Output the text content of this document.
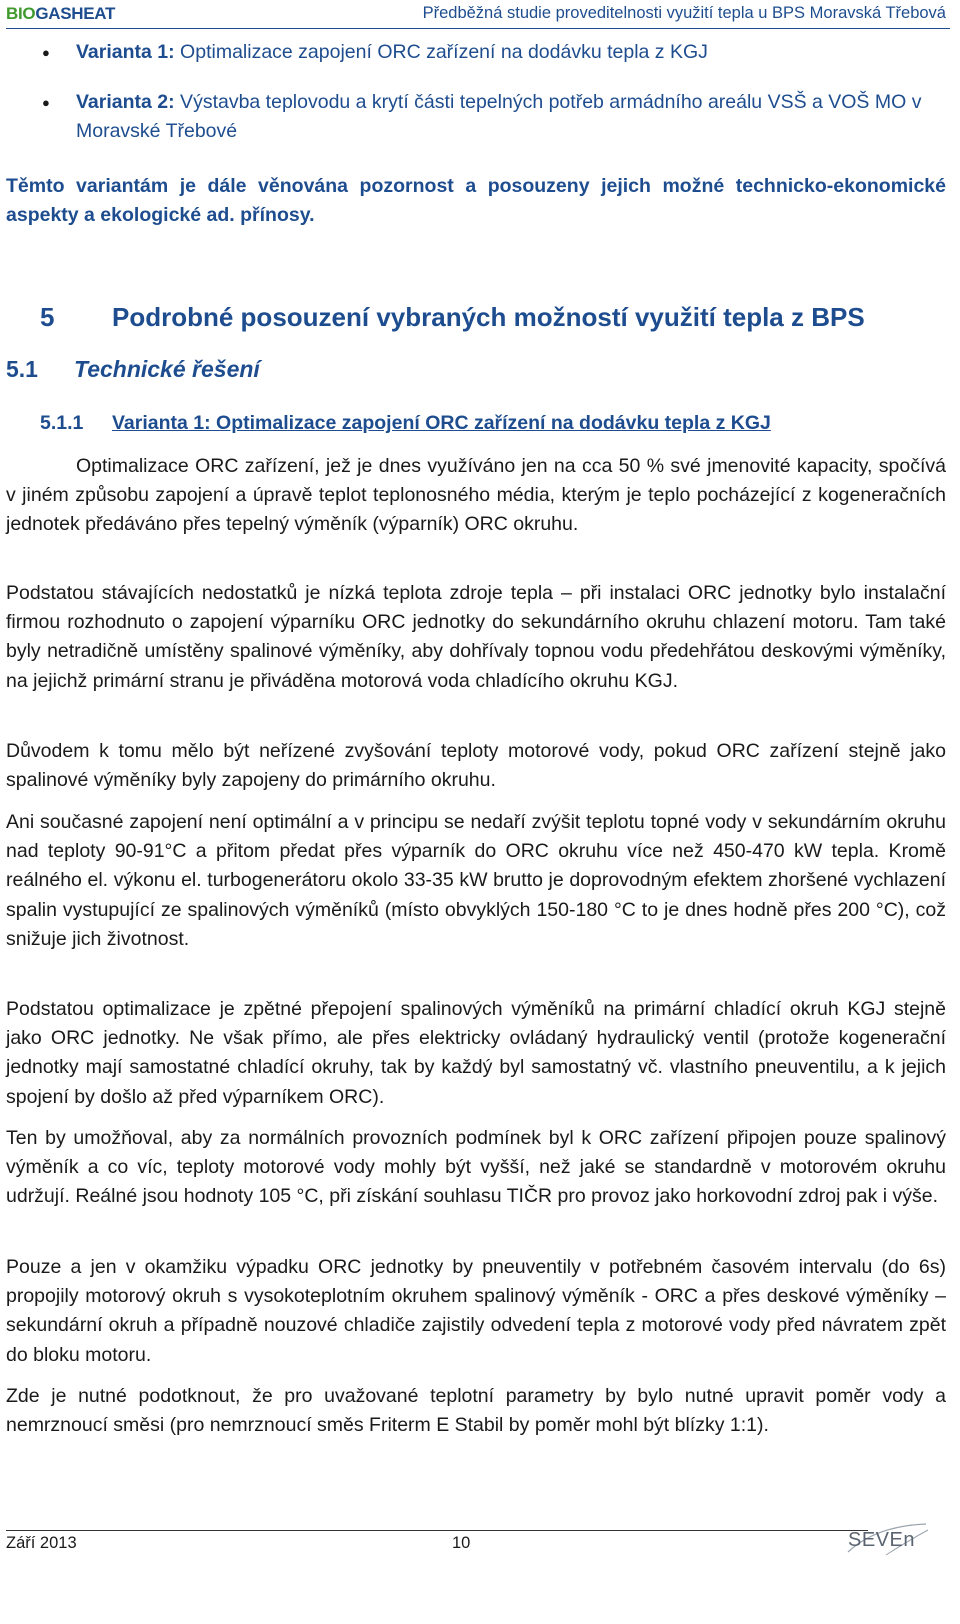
BIOGASHEAT	Předběžná studie proveditelnosti využití tepla u BPS Moravská Třebová
● Varianta 1: Optimalizace zapojení ORC zařízení na dodávku tepla z KGJ
● Varianta 2: Výstavba teplovodu a krytí části tepelných potřeb armádního areálu VSŠ a VOŠ MO v Moravské Třebové
Těmto variantám je dále věnována pozornost a posouzeny jejich možné technicko-ekonomické aspekty a ekologické ad. přínosy.
5 Podrobné posouzení vybraných možností využití tepla z BPS
5.1 Technické řešení
5.1.1 Varianta 1: Optimalizace zapojení ORC zařízení na dodávku tepla z KGJ
Optimalizace ORC zařízení, jež je dnes využíváno jen na cca 50 % své jmenovité kapacity, spočívá v jiném způsobu zapojení a úpravě teplot teplonosného média, kterým je teplo pocházející z kogeneračních jednotek předáváno přes tepelný výměník (výparník) ORC okruhu.
Podstatou stávajících nedostatků je nízká teplota zdroje tepla – při instalaci ORC jednotky bylo instalační firmou rozhodnuto o zapojení výparníku ORC jednotky do sekundárního okruhu chlazení motoru. Tam také byly netradičně umístěny spalinové výměníky, aby dohřívaly topnou vodu předehřátou deskovými výměníky, na jejichž primární stranu je přiváděna motorová voda chladícího okruhu KGJ.
Důvodem k tomu mělo být neřízené zvyšování teploty motorové vody, pokud ORC zařízení stejně jako spalinové výměníky byly zapojeny do primárního okruhu.
Ani současné zapojení není optimální a v principu se nedaří zvýšit teplotu topné vody v sekundárním okruhu nad teploty 90-91°C a přitom předat přes výparník do ORC okruhu více než 450-470 kW tepla. Kromě reálného el. výkonu el. turbogenerátoru okolo 33-35 kW brutto je doprovodným efektem zhoršené vychlazení spalin vystupující ze spalinových výměníků (místo obvyklých 150-180 °C to je dnes hodně přes 200 °C), což snižuje jich životnost.
Podstatou optimalizace je zpětné přepojení spalinových výměníků na primární chladící okruh KGJ stejně jako ORC jednotky. Ne však přímo, ale přes elektricky ovládaný hydraulický ventil (protože kogenerační jednotky mají samostatné chladící okruhy, tak by každý byl samostatný vč. vlastního pneuventilu, a k jejich spojení by došlo až před výparníkem ORC).
Ten by umožňoval, aby za normálních provozních podmínek byl k ORC zařízení připojen pouze spalinový výměník a co víc, teploty motorové vody mohly být vyšší, než jaké se standardně v motorovém okruhu udržují. Reálné jsou hodnoty 105 °C, při získání souhlasu TIČR pro provoz jako horkovodní zdroj pak i výše.
Pouze a jen v okamžiku výpadku ORC jednotky by pneuventily v potřebném časovém intervalu (do 6s) propojily motorový okruh s vysokoteplotním okruhem spalinový výměník - ORC a přes deskové výměníky – sekundární okruh a případně nouzové chladiče zajistily odvedení tepla z motorové vody před návratem zpět do bloku motoru.
Zde je nutné podotknout, že pro uvažované teplotní parametry by bylo nutné upravit poměr vody a nemrznoucí směsi (pro nemrznoucí směs Friterm E Stabil by poměr mohl být blízky 1:1).
Září 2013	10	SEVEn
